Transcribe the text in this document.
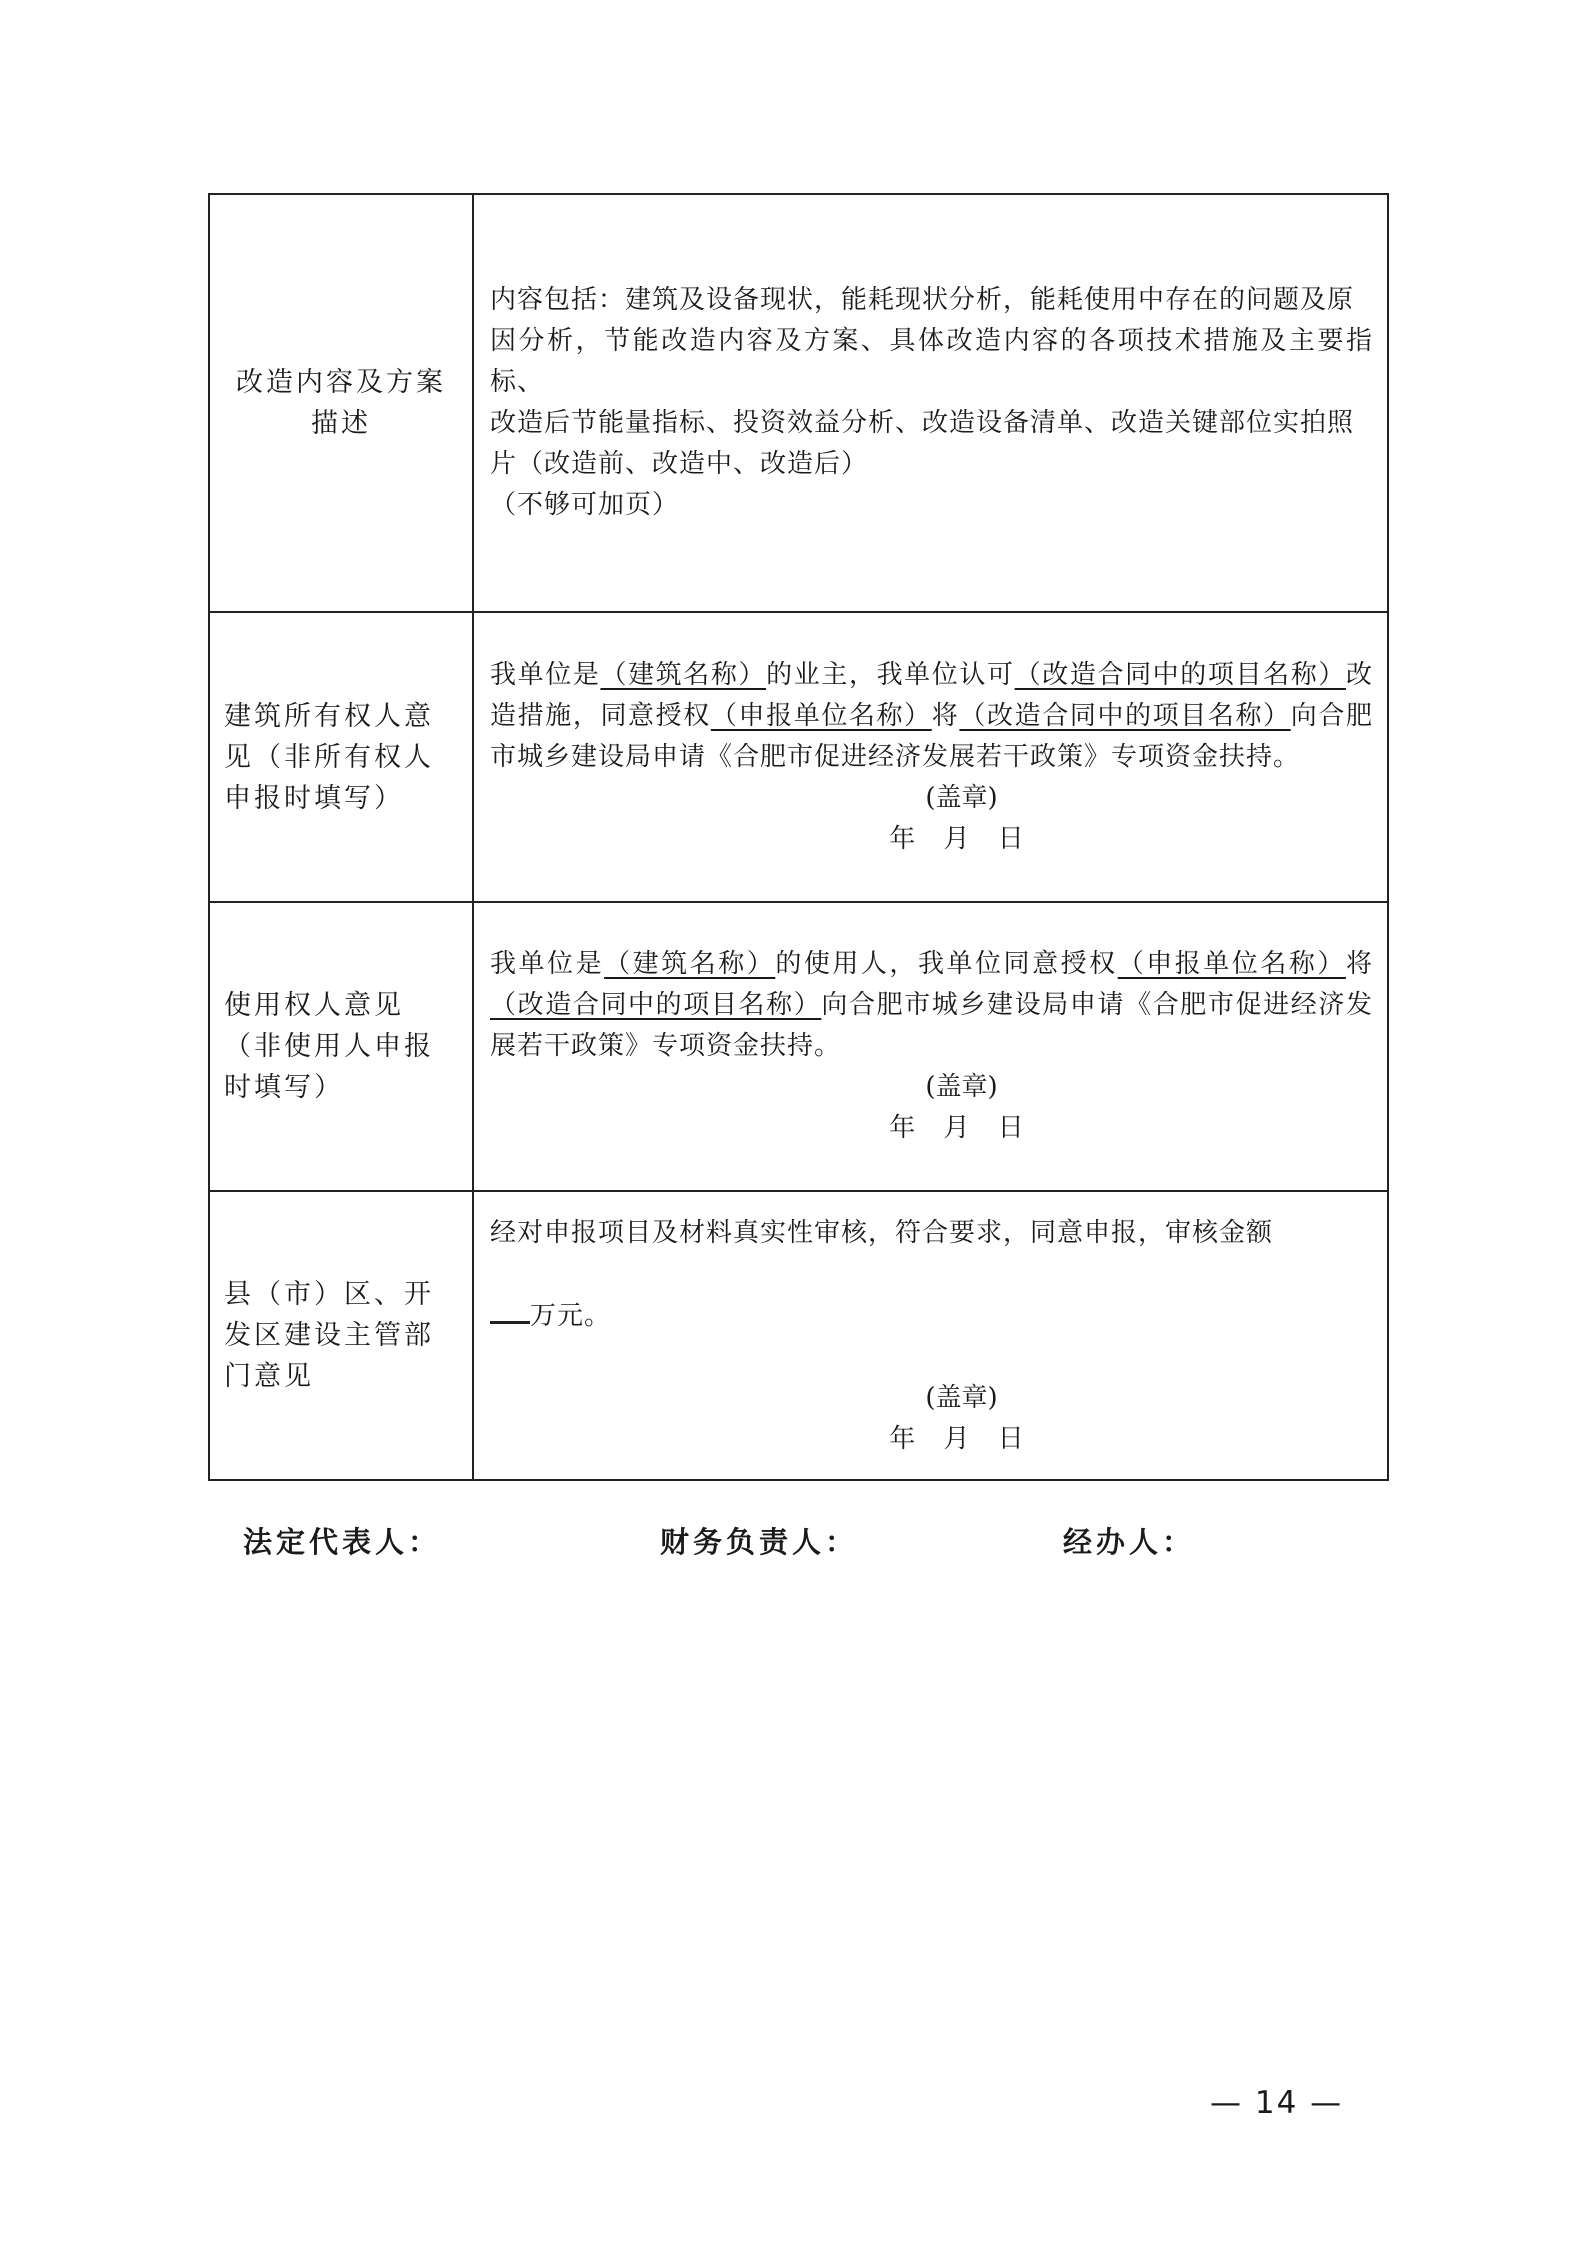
改造内容及方案描述	内容包括：建筑及设备现状，能耗现状分析，能耗使用中存在的问题及原
因分析，节能改造内容及方案、具体改造内容的各项技术措施及主要指标、
改造后节能量指标、投资效益分析、改造设备清单、改造关键部位实拍照
片（改造前、改造中、改造后）
（不够可加页）

建筑所有权人意见（非所有权人申报时填写）	我单位是（建筑名称）的业主，我单位认可（改造合同中的项目名称）改造措施，同意授权（申报单位名称）将（改造合同中的项目名称）向合肥市城乡建设局申请《合肥市促进经济发展若干政策》专项资金扶持。
(盖章)
年 月 日

使用权人意见（非使用人申报时填写）	我单位是（建筑名称）的使用人，我单位同意授权（申报单位名称）将（改造合同中的项目名称）向合肥市城乡建设局申请《合肥市促进经济发展若干政策》专项资金扶持。
(盖章)
年 月 日

县（市）区、开发区建设主管部门意见	经对申报项目及材料真实性审核，符合要求，同意申报，审核金额
万元。
(盖章)
年 月 日
法定代表人：	财务负责人：	经办人：
— 14 —
